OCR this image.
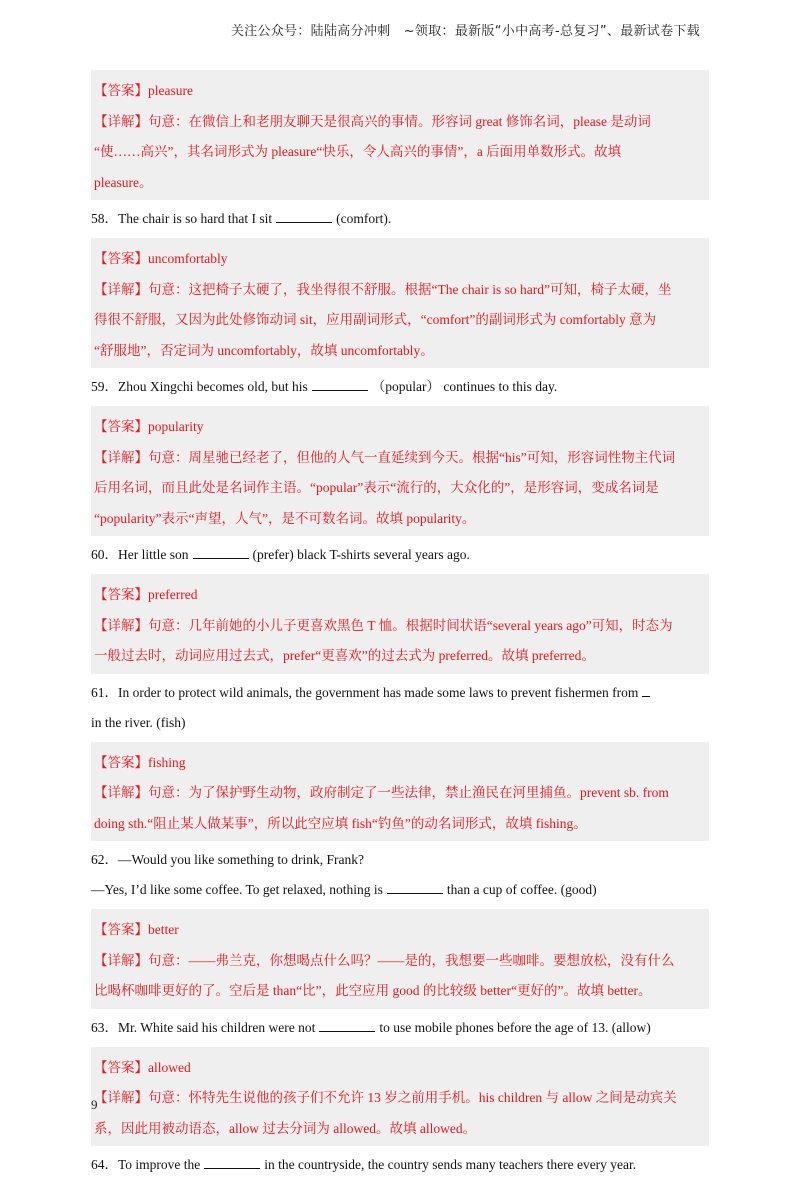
关注公众号：陆陆高分冲刺　~领取：最新版“小中高考-总复习”、最新试卷下载

【答案】pleasure

【详解】句意：在微信上和老朋友聊天是很高兴的事情。形容词 great 修饰名词，please 是动词

“使……高兴”，其名词形式为 pleasure“快乐，令人高兴的事情”，a 后面用单数形式。故填

pleasure。

58．The chair is so hard that I sit	(comfort).

【答案】uncomfortably

【详解】句意：这把椅子太硬了，我坐得很不舒服。根据“The chair is so hard”可知，椅子太硬，坐

得很不舒服，又因为此处修饰动词 sit，应用副词形式，“comfort”的副词形式为 comfortably 意为

“舒服地”，否定词为 uncomfortably，故填 uncomfortably。

59．Zhou Xingchi becomes old, but his	（popular） continues to this day.

【答案】popularity

【详解】句意：周星驰已经老了，但他的人气一直延续到今天。根据“his”可知，形容词性物主代词

后用名词，而且此处是名词作主语。“popular”表示“流行的，大众化的”，是形容词，变成名词是

“popularity”表示“声望，人气”，是不可数名词。故填 popularity。

60．Her little son	(prefer) black T-shirts several years ago.

【答案】preferred

【详解】句意：几年前她的小儿子更喜欢黑色 T 恤。根据时间状语“several years ago”可知，时态为

一般过去时，动词应用过去式，prefer“更喜欢”的过去式为 preferred。故填 preferred。

61．In order to protect wild animals, the government has made some laws to prevent fishermen from

in the river. (fish)

【答案】fishing

【详解】句意：为了保护野生动物，政府制定了一些法律，禁止渔民在河里捕鱼。prevent sb. from

doing sth.“阻止某人做某事”，所以此空应填 fish“钓鱼”的动名词形式，故填 fishing。

62．—Would you like something to drink, Frank?

—Yes, I’d like some coffee. To get relaxed, nothing is	than a cup of coffee. (good)

【答案】better

【详解】句意：——弗兰克，你想喝点什么吗？——是的，我想要一些咖啡。要想放松，没有什么

比喝杯咖啡更好的了。空后是 than“比”，此空应用 good 的比较级 better“更好的”。故填 better。

63．Mr. White said his children were not	to use mobile phones before the age of 13. (allow)

【答案】allowed

【详解】句意：怀特先生说他的孩子们不允许 13 岁之前用手机。his children 与 allow 之间是动宾关

系，因此用被动语态，allow 过去分词为 allowed。故填 allowed。

64．To improve the	in the countryside, the country sends many teachers there every year.

9
